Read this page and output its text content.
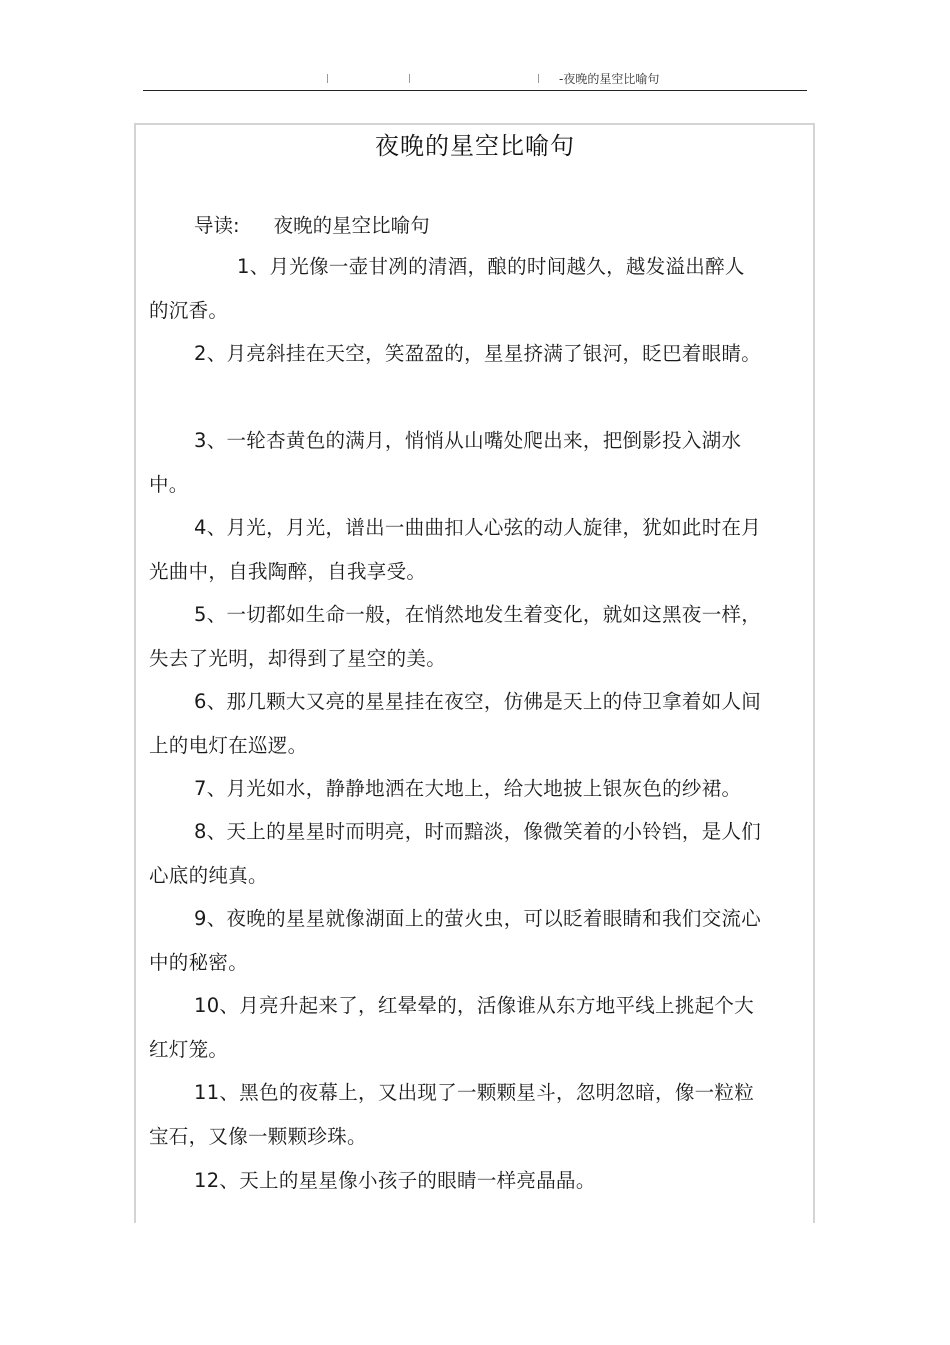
-夜晚的星空比喻句
夜晚的星空比喻句
导读: 夜晚的星空比喻句

1、月光像一壶甘冽的清酒，酿的时间越久，越发溢出醉人的沉香。

2、月亮斜挂在天空，笑盈盈的，星星挤满了银河，眨巴着眼睛。

3、一轮杏黄色的满月，悄悄从山嘴处爬出来，把倒影投入湖水中。

4、月光，月光，谱出一曲曲扣人心弦的动人旋律，犹如此时在月光曲中，自我陶醉，自我享受。

5、一切都如生命一般，在悄然地发生着变化，就如这黑夜一样，失去了光明，却得到了星空的美。

6、那几颗大又亮的星星挂在夜空，仿佛是天上的侍卫拿着如人间上的电灯在巡逻。

7、月光如水，静静地洒在大地上，给大地披上银灰色的纱裙。

8、天上的星星时而明亮，时而黯淡，像微笑着的小铃铛，是人们心底的纯真。

9、夜晚的星星就像湖面上的萤火虫，可以眨着眼睛和我们交流心中的秘密。

10、月亮升起来了，红晕晕的，活像谁从东方地平线上挑起个大红灯笼。

11、黑色的夜幕上，又出现了一颗颗星斗，忽明忽暗，像一粒粒宝石，又像一颗颗珍珠。

12、天上的星星像小孩子的眼睛一样亮晶晶。
